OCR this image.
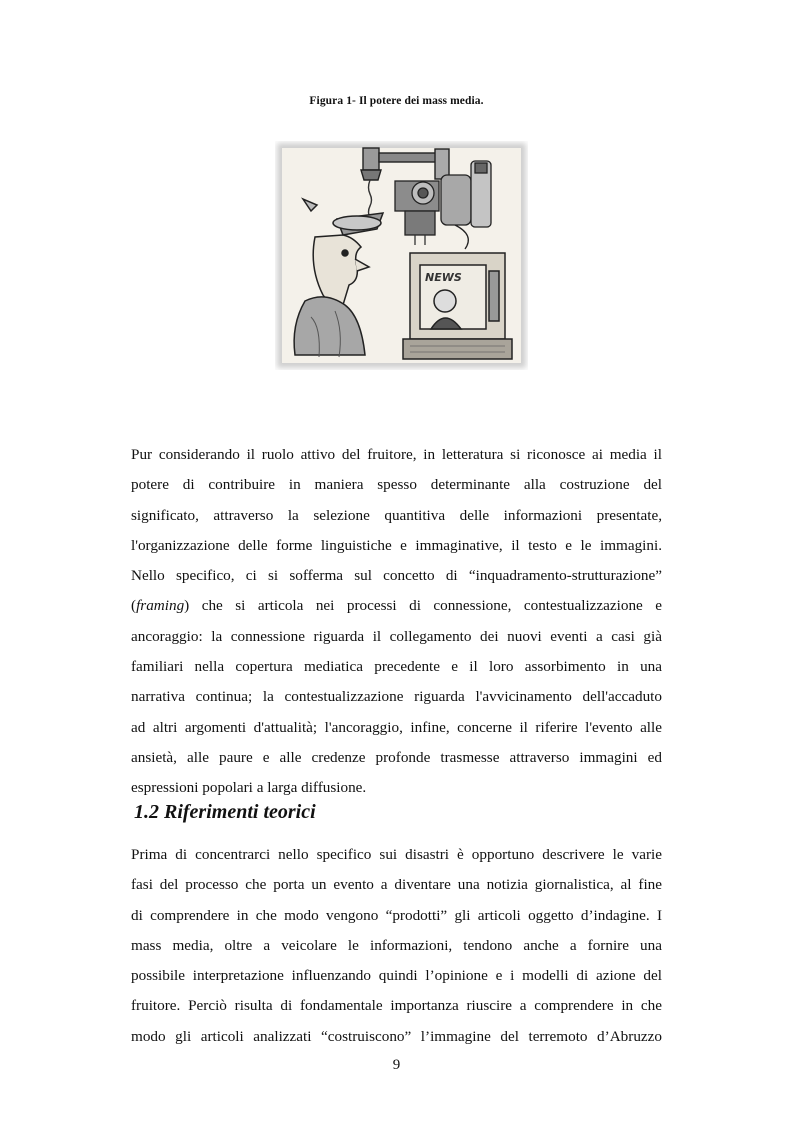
Figura 1- Il potere dei mass media.
NEWS
Pur considerando il ruolo attivo del fruitore, in letteratura si riconosce ai media il
potere di contribuire in maniera spesso determinante alla costruzione del
significato, attraverso la selezione quantitiva delle informazioni presentate,
l'organizzazione delle forme linguistiche e immaginative, il testo e le immagini.
Nello specifico, ci si sofferma sul concetto di “inquadramento-strutturazione”
(framing) che si articola nei processi di connessione, contestualizzazione e
ancoraggio: la connessione riguarda il collegamento dei nuovi eventi a casi già
familiari nella copertura mediatica precedente e il loro assorbimento in una
narrativa continua; la contestualizzazione riguarda l'avvicinamento dell'accaduto
ad altri argomenti d'attualità; l'ancoraggio, infine, concerne il riferire l'evento alle
ansietà, alle paure e alle credenze profonde trasmesse attraverso immagini ed
espressioni popolari a larga diffusione.
1.2 Riferimenti teorici
Prima di concentrarci nello specifico sui disastri è opportuno descrivere le varie
fasi del processo che porta un evento a diventare una notizia giornalistica, al fine
di comprendere in che modo vengono “prodotti” gli articoli oggetto d’indagine. I
mass media, oltre a veicolare le informazioni, tendono anche a fornire una
possibile interpretazione influenzando quindi l’opinione e i modelli di azione del
fruitore. Perciò risulta di fondamentale importanza riuscire a comprendere in che
modo gli articoli analizzati “costruiscono” l’immagine del terremoto d’Abruzzo
9
